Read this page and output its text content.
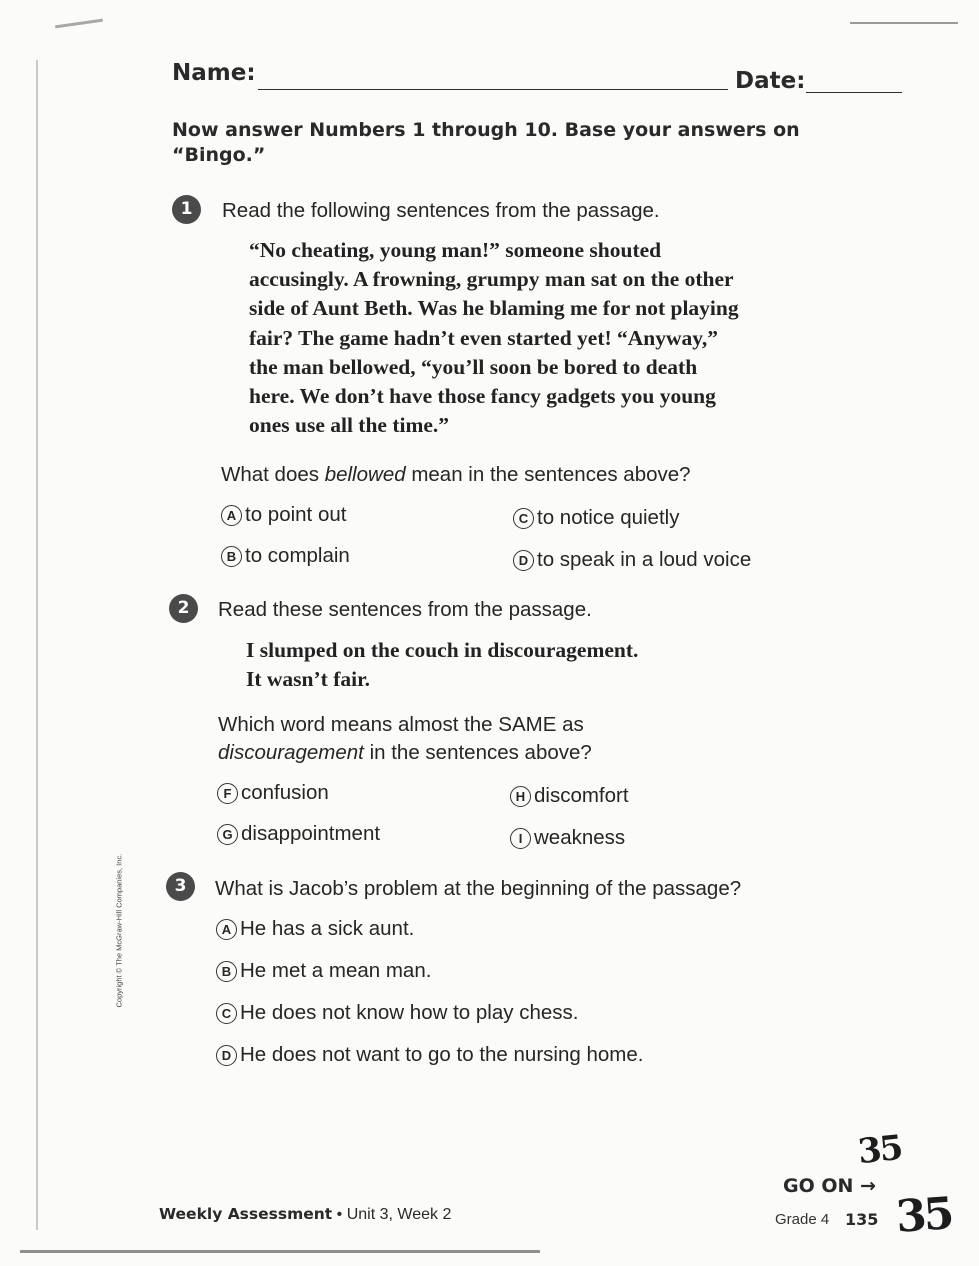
Name:	Date:
Now answer Numbers 1 through 10. Base your answers on “Bingo.”
1	Read the following sentences from the passage.
“No cheating, young man!” someone shouted
accusingly. A frowning, grumpy man sat on the other
side of Aunt Beth. Was he blaming me for not playing
fair? The game hadn’t even started yet! “Anyway,”
the man bellowed, “you’ll soon be bored to death
here. We don’t have those fancy gadgets you young
ones use all the time.”
What does bellowed mean in the sentences above?
A to point out
B to complain
C to notice quietly
D to speak in a loud voice
2	Read these sentences from the passage.
I slumped on the couch in discouragement.
It wasn’t fair.
Which word means almost the SAME as
discouragement in the sentences above?
F confusion
G disappointment
H discomfort
I weakness
3	What is Jacob’s problem at the beginning of the passage?
A He has a sick aunt.
B He met a mean man.
C He does not know how to play chess.
D He does not want to go to the nursing home.
Copyright © The McGraw-Hill Companies, Inc.
Weekly Assessment • Unit 3, Week 2
GO ON →
Grade 4 135
35
35
